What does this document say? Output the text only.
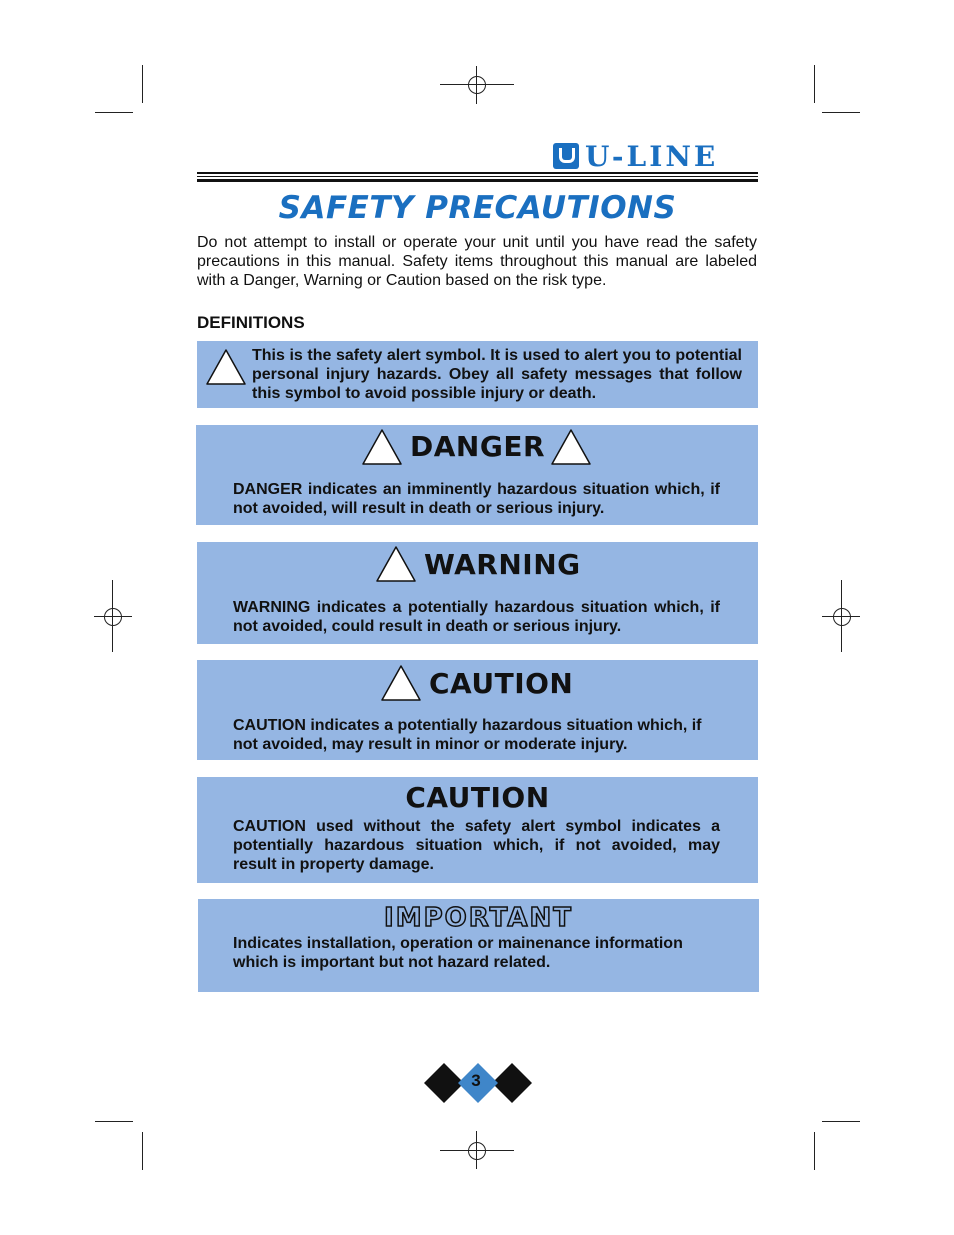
U-LINE
SAFETY PRECAUTIONS
Do not attempt to install or operate your unit until you have read the safety precautions in this manual. Safety items throughout this manual are labeled with a Danger, Warning or Caution based on the risk type.
DEFINITIONS
This is the safety alert symbol. It is used to alert you to potential personal injury hazards. Obey all safety messages that follow this symbol to avoid possible injury or death.
DANGER
DANGER indicates an imminently hazardous situation which, if not avoided, will result in death or serious injury.
WARNING
WARNING indicates a potentially hazardous situation which, if not avoided, could result in death or serious injury.
CAUTION
CAUTION indicates a potentially hazardous situation which, if not avoided, may result in minor or moderate injury.
CAUTION
CAUTION used without the safety alert symbol indicates a potentially hazardous situation which, if not avoided, may result in property damage.
IMPORTANT
Indicates installation, operation or mainenance information which is important but not hazard related.
3
